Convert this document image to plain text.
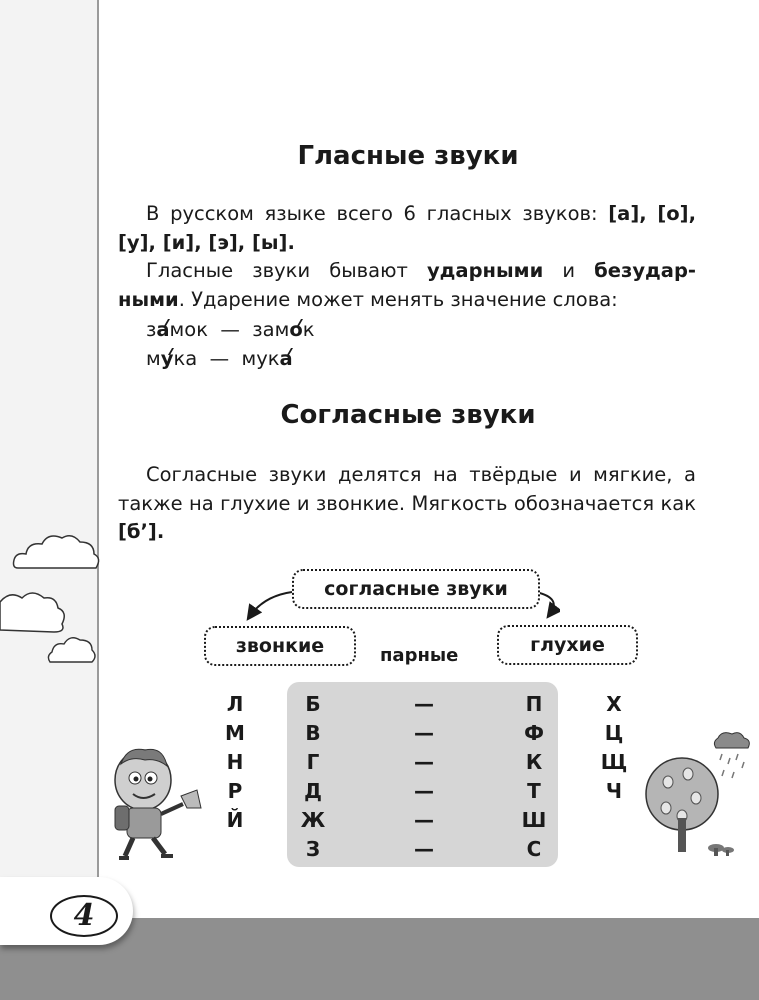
Гласные звуки

В русском языке всего 6 гласных звуков: [а], [о], [у], [и], [э], [ы].

Гласные звуки бывают ударными и безудар- ными. Ударение может менять значение слова:

замок — замок
мука — мука
Согласные звуки

Согласные звуки делятся на твёрдые и мягкие, а также на глухие и звонкие. Мягкость обозначается как [б’].

согласные звуки
звонкие	глухие
парные
Л
М
Н
Р
Й
Б
В
Г
Д
Ж
З
—
—
—
—
—
—
П
Ф
К
Т
Ш
С
Х
Ц
Щ
Ч
4
